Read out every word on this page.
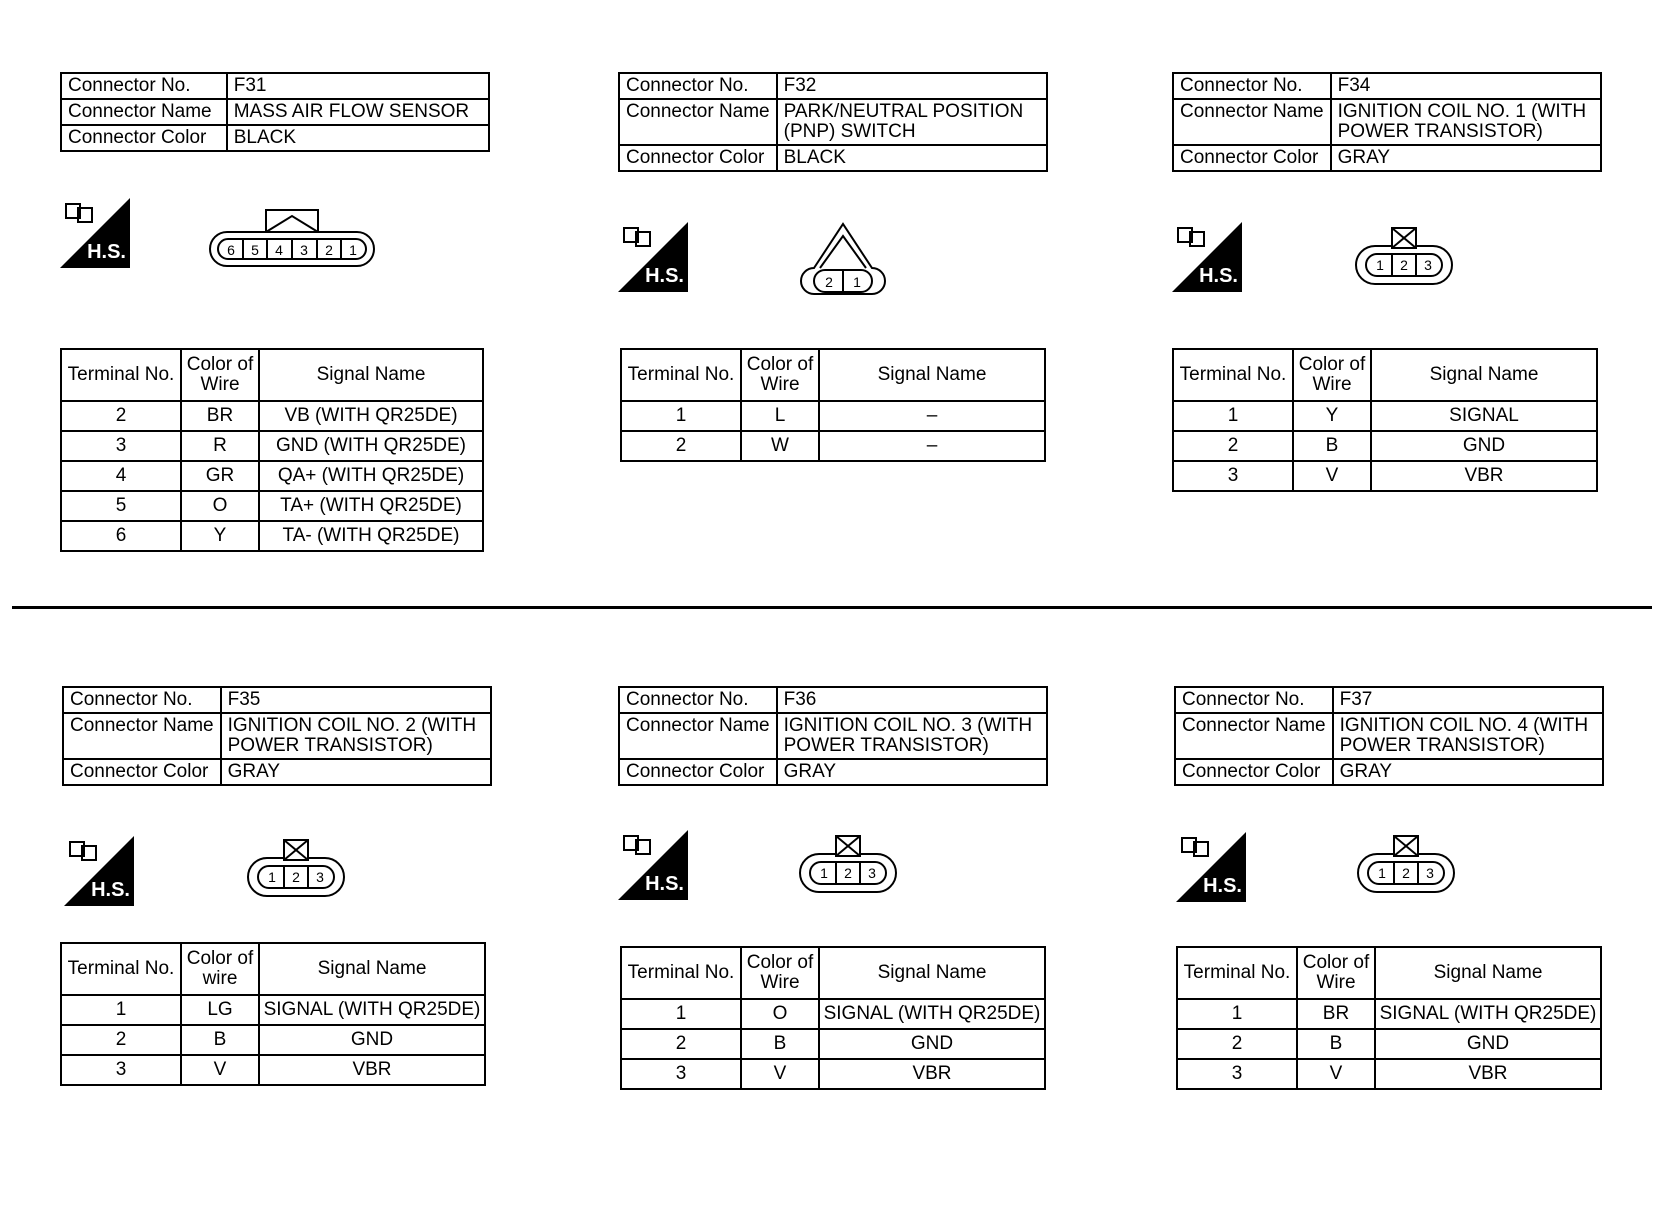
Connector No.	F31
Connector Name	MASS AIR FLOW SENSOR
Connector Color	BLACK
H.S.	6 5 4 3 2 1
Terminal No.	Color of Wire	Signal Name
2	BR	VB (WITH QR25DE)
3	R	GND (WITH QR25DE)
4	GR	QA+ (WITH QR25DE)
5	O	TA+ (WITH QR25DE)
6	Y	TA- (WITH QR25DE)
Connector No.	F32
Connector Name	PARK/NEUTRAL POSITION (PNP) SWITCH
Connector Color	BLACK
H.S.	2 1
Terminal No.	Color of Wire	Signal Name
1	L	–
2	W	–
Connector No.	F34
Connector Name	IGNITION COIL NO. 1 (WITH POWER TRANSISTOR)
Connector Color	GRAY
H.S.	1 2 3
Terminal No.	Color of Wire	Signal Name
1	Y	SIGNAL
2	B	GND
3	V	VBR
Connector No.	F35
Connector Name	IGNITION COIL NO. 2 (WITH POWER TRANSISTOR)
Connector Color	GRAY
H.S.
1 2 3
Terminal No.	Color of wire	Signal Name
1	LG	SIGNAL (WITH QR25DE)
2	B	GND
3	V	VBR
Connector No.	F36
Connector Name	IGNITION COIL NO. 3 (WITH POWER TRANSISTOR)
Connector Color	GRAY
H.S.	1 2 3
Terminal No.	Color of Wire	Signal Name
1	O	SIGNAL (WITH QR25DE)
2	B	GND
3	V	VBR
Connector No.	F37
Connector Name	IGNITION COIL NO. 4 (WITH POWER TRANSISTOR)
Connector Color	GRAY
H.S.
1 2 3
Terminal No.	Color of Wire	Signal Name
1	BR	SIGNAL (WITH QR25DE)
2	B	GND
3	V	VBR
